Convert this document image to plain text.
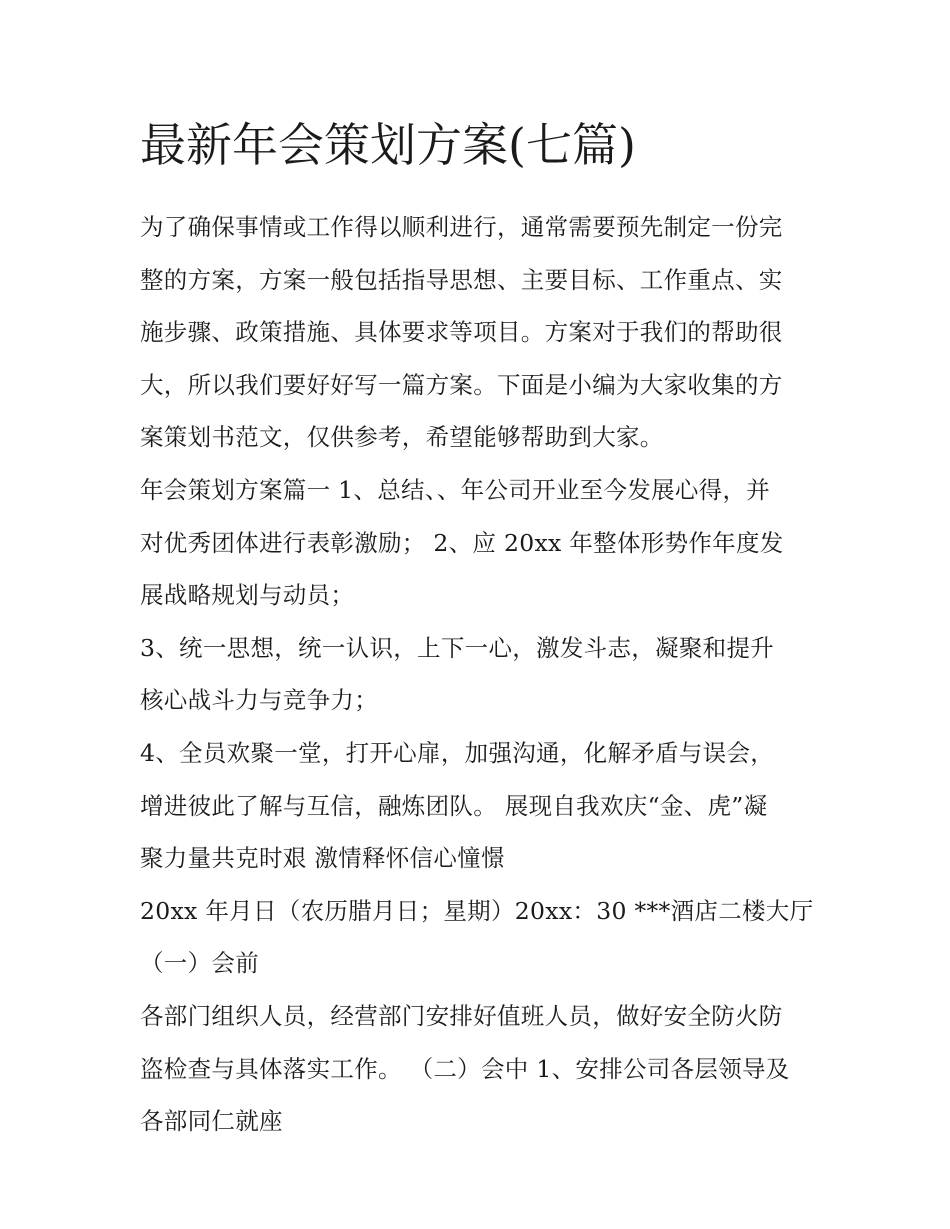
最新年会策划方案(七篇)
为了确保事情或工作得以顺利进行，通常需要预先制定一份完
整的方案，方案一般包括指导思想、主要目标、工作重点、实
施步骤、政策措施、具体要求等项目。方案对于我们的帮助很
大，所以我们要好好写一篇方案。下面是小编为大家收集的方
案策划书范文，仅供参考，希望能够帮助到大家。
年会策划方案篇一 1、总结、、年公司开业至今发展心得，并
对优秀团体进行表彰激励； 2、应 20xx 年整体形势作年度发
展战略规划与动员；
3、统一思想，统一认识，上下一心，激发斗志，凝聚和提升
核心战斗力与竞争力；
4、全员欢聚一堂，打开心扉，加强沟通，化解矛盾与误会，
增进彼此了解与互信，融炼团队。 展现自我欢庆“金、虎”凝
聚力量共克时艰 激情释怀信心憧憬
20xx 年月日（农历腊月日；星期）20xx：30 ***酒店二楼大厅
（一）会前
各部门组织人员，经营部门安排好值班人员，做好安全防火防
盗检查与具体落实工作。 （二）会中 1、安排公司各层领导及
各部同仁就座
